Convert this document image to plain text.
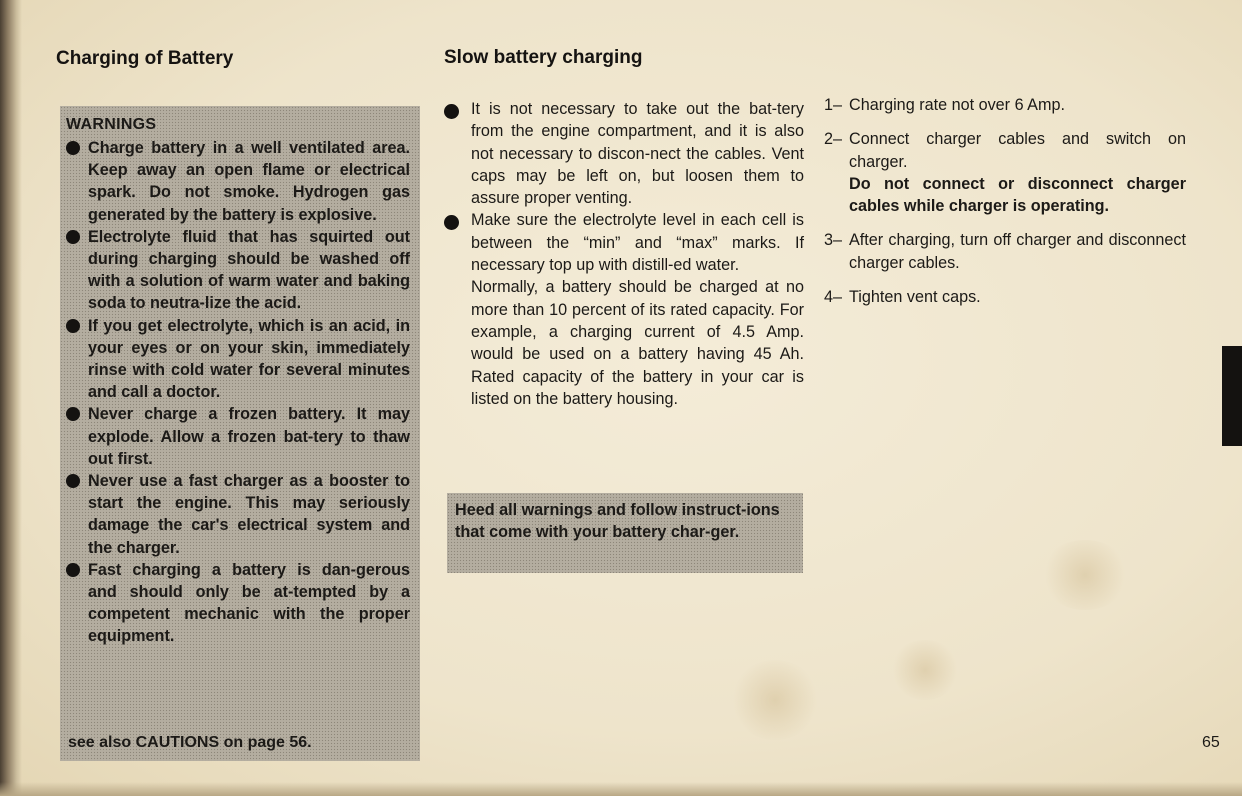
Charging of Battery
WARNINGS
Charge battery in a well ventilated area. Keep away an open flame or electrical spark. Do not smoke. Hydrogen gas generated by the battery is explosive.
Electrolyte fluid that has squirted out during charging should be washed off with a solution of warm water and baking soda to neutra-lize the acid.
If you get electrolyte, which is an acid, in your eyes or on your skin, immediately rinse with cold water for several minutes and call a doctor.
Never charge a frozen battery. It may explode. Allow a frozen bat-tery to thaw out first.
Never use a fast charger as a booster to start the engine. This may seriously damage the car's electrical system and the charger.
Fast charging a battery is dan-gerous and should only be at-tempted by a competent mechanic with the proper equipment.
see also CAUTIONS on page 56.
Slow battery charging
It is not necessary to take out the bat-tery from the engine compartment, and it is also not necessary to discon-nect the cables. Vent caps may be left on, but loosen them to assure proper venting.
Make sure the electrolyte level in each cell is between the “min” and “max” marks. If necessary top up with distill-ed water.
Normally, a battery should be charged at no more than 10 percent of its rated capacity. For example, a charging current of 4.5 Amp. would be used on a battery having 45 Ah. Rated capacity of the battery in your car is listed on the battery housing.
Heed all warnings and follow instruct-ions that come with your battery char-ger.
1– Charging rate not over 6 Amp.
2– Connect charger cables and switch on charger.
Do not connect or disconnect charger cables while charger is operating.
3– After charging, turn off charger and disconnect charger cables.
4– Tighten vent caps.
65
